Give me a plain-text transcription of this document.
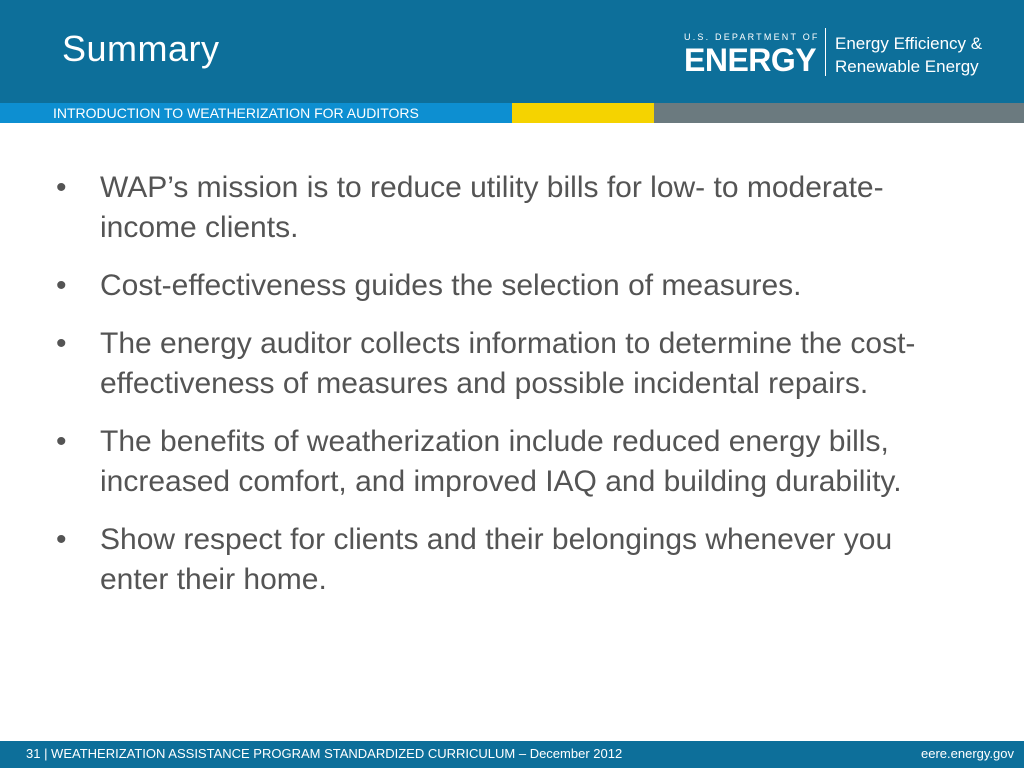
Summary	U.S. DEPARTMENT OF
ENERGY Energy Efficiency &
Renewable Energy
INTRODUCTION TO WEATHERIZATION FOR AUDITORS
•	WAP’s mission is to reduce utility bills for low- to moderate-income clients.
•	Cost-effectiveness guides the selection of measures.
•	The energy auditor collects information to determine the cost-effectiveness of measures and possible incidental repairs.
•	The benefits of weatherization include reduced energy bills, increased comfort, and improved IAQ and building durability.
•	Show respect for clients and their belongings whenever you enter their home.
31 | WEATHERIZATION ASSISTANCE PROGRAM STANDARDIZED CURRICULUM – December 2012	eere.energy.gov
